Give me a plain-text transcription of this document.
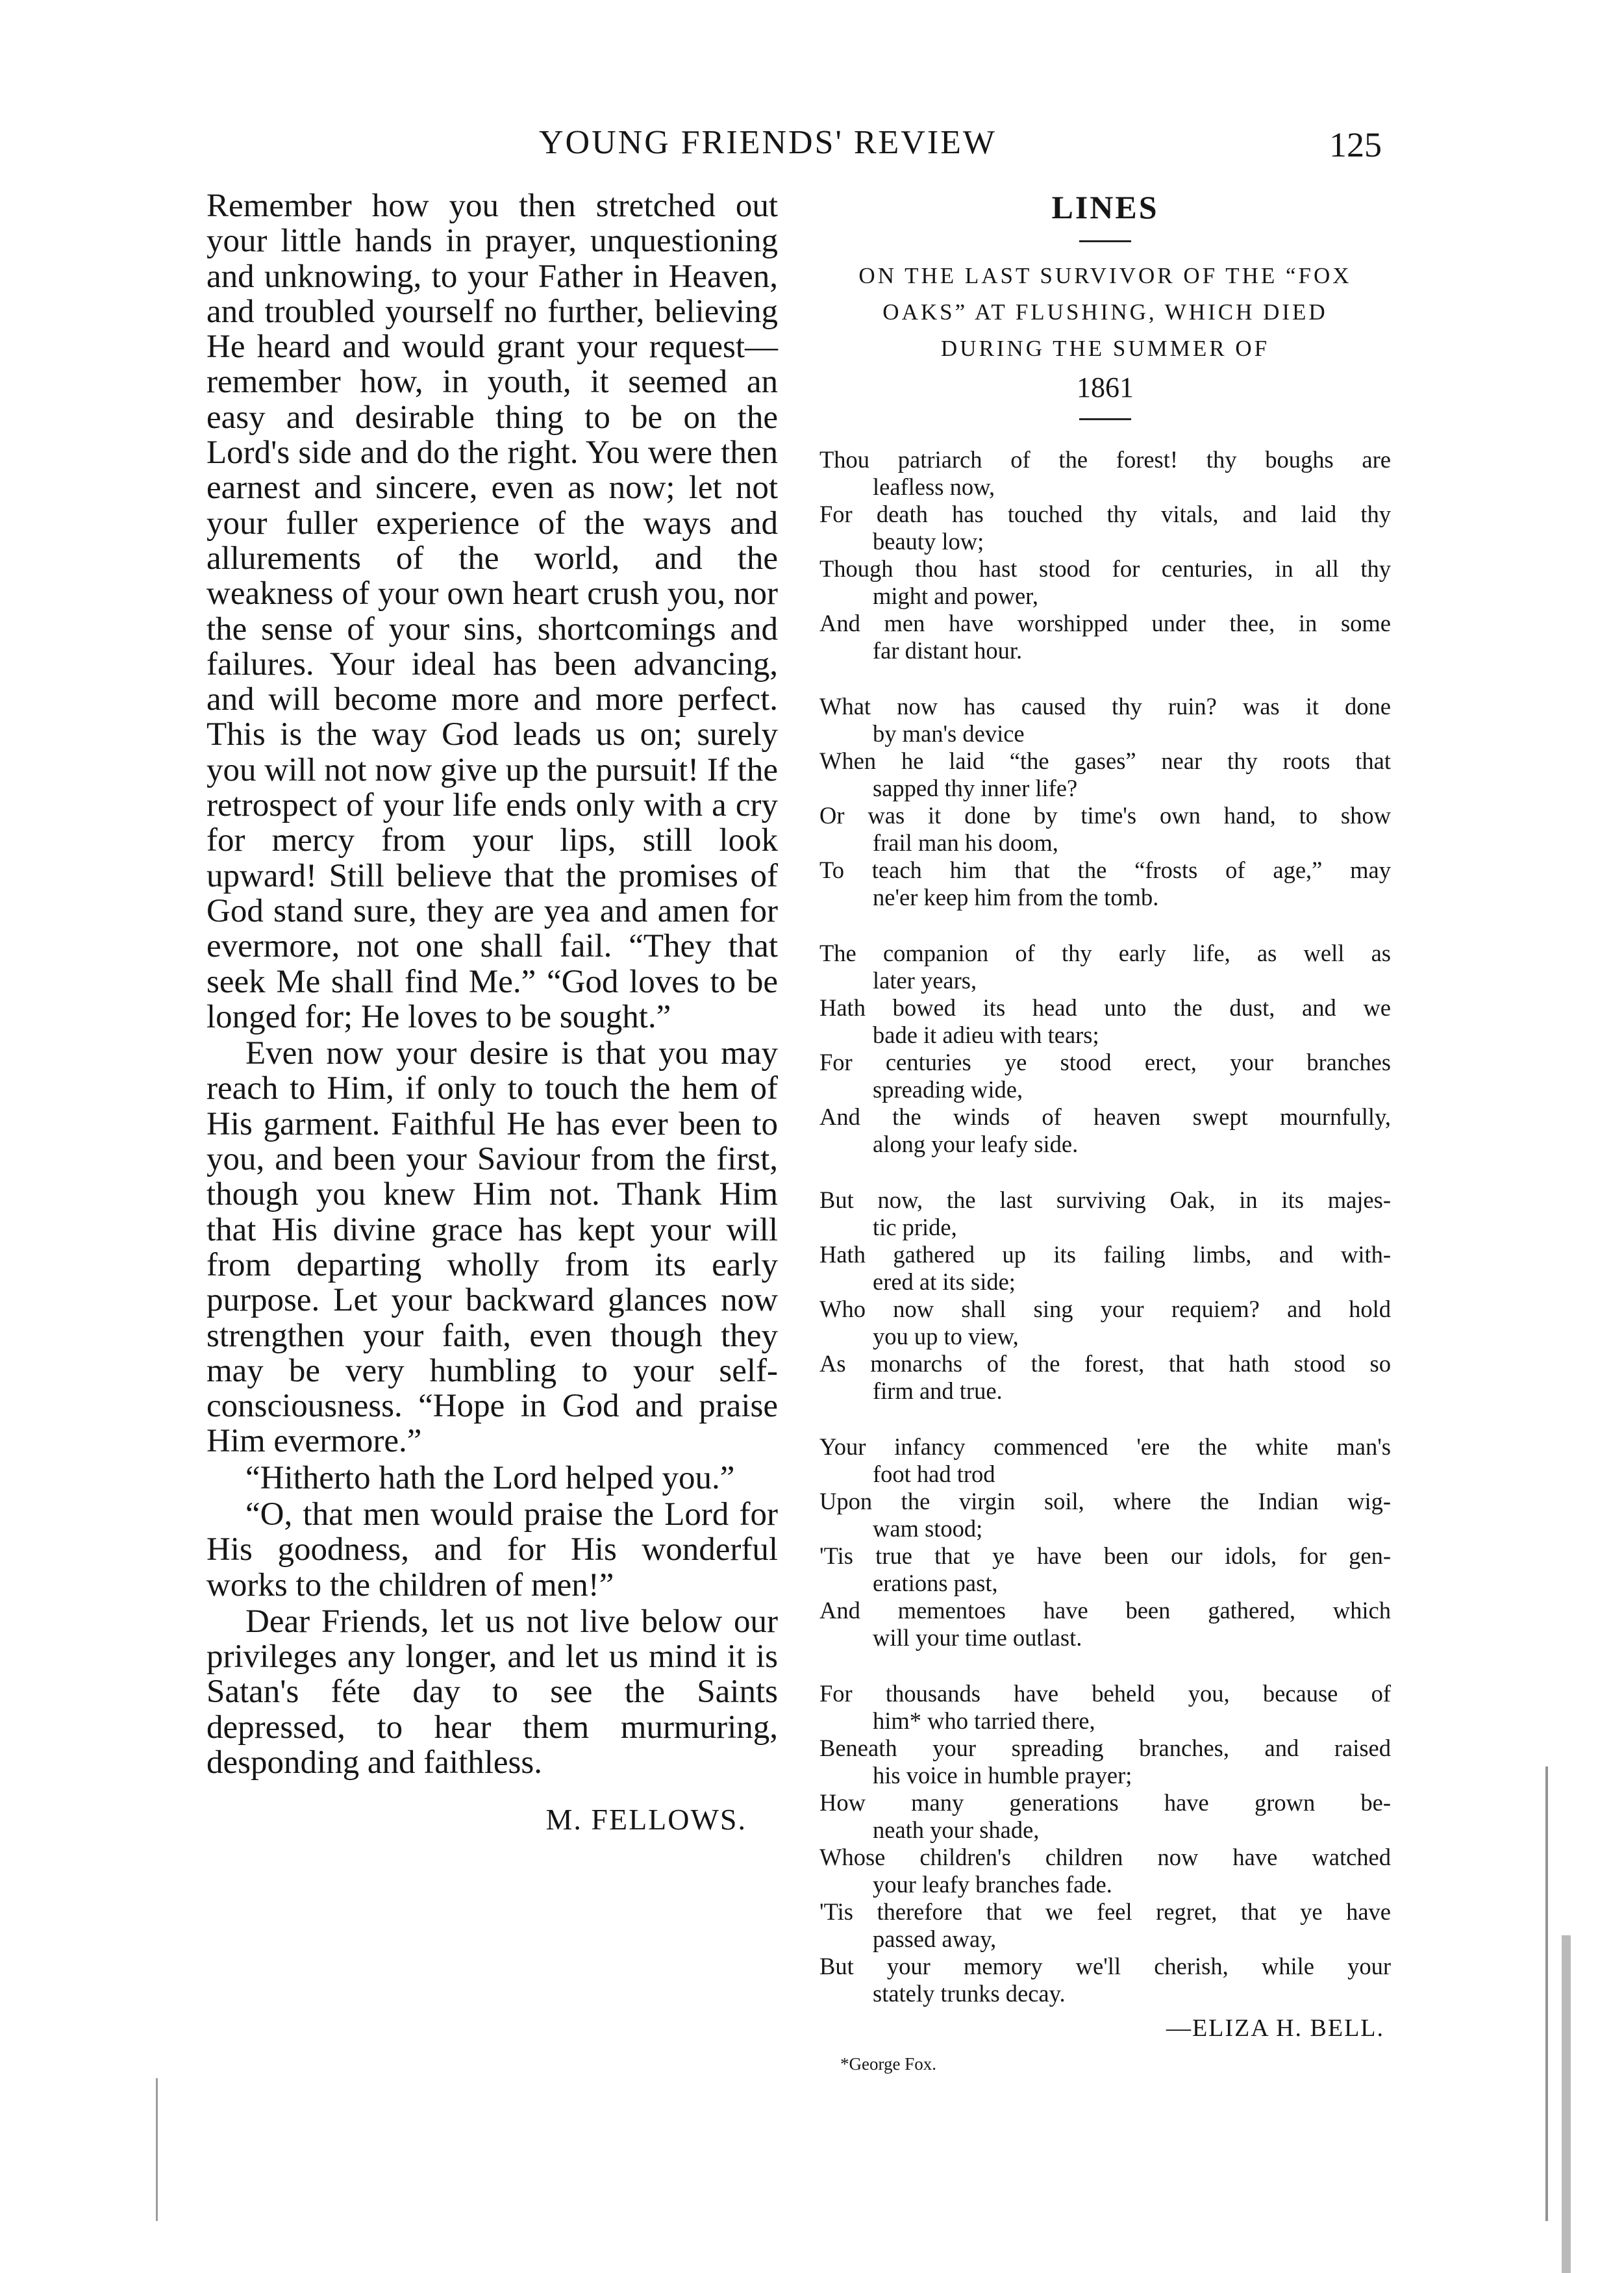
YOUNG FRIENDS' REVIEW	125

Remember how you then stretched out your little hands in prayer, unquestioning and unknowing, to your Father in Heaven, and troubled yourself no further, believing He heard and would grant your request—remember how, in youth, it seemed an easy and desirable thing to be on the Lord's side and do the right. You were then earnest and sincere, even as now; let not your fuller experience of the ways and allurements of the world, and the weakness of your own heart crush you, nor the sense of your sins, shortcomings and failures. Your ideal has been advancing, and will become more and more perfect. This is the way God leads us on; surely you will not now give up the pursuit! If the retrospect of your life ends only with a cry for mercy from your lips, still look upward! Still believe that the promises of God stand sure, they are yea and amen for evermore, not one shall fail. “They that seek Me shall find Me.” “God loves to be longed for; He loves to be sought.”

Even now your desire is that you may reach to Him, if only to touch the hem of His garment. Faithful He has ever been to you, and been your Saviour from the first, though you knew Him not. Thank Him that His divine grace has kept your will from departing wholly from its early purpose. Let your backward glances now strengthen your faith, even though they may be very humbling to your self-consciousness. “Hope in God and praise Him evermore.”

“Hitherto hath the Lord helped you.”

“O, that men would praise the Lord for His goodness, and for His wonderful works to the children of men!”

Dear Friends, let us not live below our privileges any longer, and let us mind it is Satan's féte day to see the Saints depressed, to hear them murmuring, desponding and faithless.

M. FELLOWS.
LINES

ON THE LAST SURVIVOR OF THE “FOX

OAKS” AT FLUSHING, WHICH DIED

DURING THE SUMMER OF

1861

Thou patriarch of the forest! thy boughs are
leafless now,
For death has touched thy vitals, and laid thy
beauty low;
Though thou hast stood for centuries, in all thy
might and power,
And men have worshipped under thee, in some
far distant hour.
What now has caused thy ruin? was it done
by man's device
When he laid “the gases” near thy roots that
sapped thy inner life?
Or was it done by time's own hand, to show
frail man his doom,
To teach him that the “frosts of age,” may
ne'er keep him from the tomb.
The companion of thy early life, as well as
later years,
Hath bowed its head unto the dust, and we
bade it adieu with tears;
For centuries ye stood erect, your branches
spreading wide,
And the winds of heaven swept mournfully,
along your leafy side.
But now, the last surviving Oak, in its majes-
tic pride,
Hath gathered up its failing limbs, and with-
ered at its side;
Who now shall sing your requiem? and hold
you up to view,
As monarchs of the forest, that hath stood so
firm and true.
Your infancy commenced 'ere the white man's
foot had trod
Upon the virgin soil, where the Indian wig-
wam stood;
'Tis true that ye have been our idols, for gen-
erations past,
And mementoes have been gathered, which
will your time outlast.
For thousands have beheld you, because of
him* who tarried there,
Beneath your spreading branches, and raised
his voice in humble prayer;
How many generations have grown be-
neath your shade,
Whose children's children now have watched
your leafy branches fade.
'Tis therefore that we feel regret, that ye have
passed away,
But your memory we'll cherish, while your
stately trunks decay.
—ELIZA H. BELL.
*George Fox.
